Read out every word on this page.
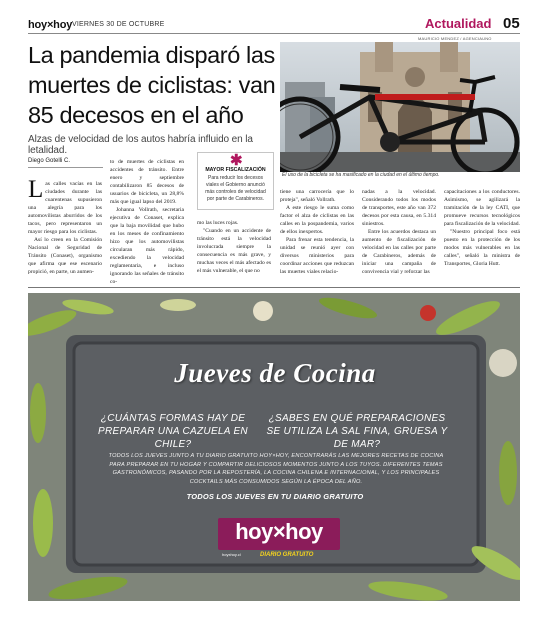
hoy×hoy VIERNES 30 DE OCTUBRE	Actualidad 05
MAURICIO MENDEZ / AGENCIAUNO
La pandemia disparó las muertes de ciclistas: van 85 decesos en el año
Alzas de velocidad de los autos habría influido en la letalidad.
El uso de la bicicleta se ha masificado en la ciudad en el último tiempo.
Diego Gotelli C.

Las calles vacías en las ciudades durante las cuarentenas supusieron una alegría para los automovilistas aburridos de los tacos, pero representaron un mayor riesgo para los ciclistas.

Así lo creen en la Comisión Nacional de Seguridad de Tránsito (Conaset), organismo que afirma que ese escenario propició, en parte, un aumen-

to de muertes de ciclistas en accidentes de tránsito. Entre enero y septiembre contabilizaron 85 decesos de usuarios de bicicleta, un 28,8% más que igual lapso del 2019.

Johanna Vollrath, secretaria ejecutiva de Conaset, explica que la baja movilidad que hubo en los meses de confinamiento hizo que los automovilistas circularan más rápido, excediendo la velocidad reglamentaria, e incluso ignorando las señales de tránsito co-

✱
MAYOR FISCALIZACIÓN
Para reducir los decesos viales el Gobierno anunció más controles de velocidad por parte de Carabineros.

mo las luces rojas.

"Cuando en un accidente de tránsito está la velocidad involucrada siempre la consecuencia es más grave, y muchas veces el más afectado es el más vulnerable, el que no

tiene una carrocería que lo proteja", señaló Vollrath.

A este riesgo le suma como factor el alza de ciclistas en las calles en la pospandemia, varios de ellos inexpertos.

Para frenar esta tendencia, la unidad se reunió ayer con diversos ministerios para coordinar acciones que reduzcan las muertes viales relacio-

nadas a la velocidad. Considerando todos los modos de transportes, este año van 372 decesos por esta causa, en 5.314 siniestros.

Entre los acuerdos destaca un aumento de fiscalización de velocidad en las calles por parte de Carabineros, además de iniciar una campaña de convivencia vial y reforzar las

capacitaciones a los conductores. Asimismo, se agilizará la tramitación de la ley CATI, que promueve recursos tecnológicos para fiscalización de la velocidad.

"Nuestro principal foco está puesto en la protección de los modos más vulnerables en las calles", señaló la ministra de Transportes, Gloria Hutt.

Jueves de Cocina
¿CUÁNTAS FORMAS HAY DE PREPARAR UNA CAZUELA EN CHILE?
¿SABES EN QUÉ PREPARACIONES SE UTILIZA LA SAL FINA, GRUESA Y DE MAR?
TODOS LOS JUEVES JUNTO A TU DIARIO GRATUITO HOY×HOY, ENCONTRARÁS LAS MEJORES RECETAS DE COCINA PARA PREPARAR EN TU HOGAR Y COMPARTIR DELICIOSOS MOMENTOS JUNTO A LOS TUYOS. DIFERENTES TEMAS GASTRONÓMICOS, PASANDO POR LA REPOSTERÍA, LA COCINA CHILENA E INTERNACIONAL, Y LOS PRINCIPALES COCKTAILS MÁS CONSUMIDOS SEGÚN LA ÉPOCA DEL AÑO.
TODOS LOS JUEVES EN TU DIARIO GRATUITO
hoy×hoy
hoyxhoy.cl	DIARIO GRATUITO
